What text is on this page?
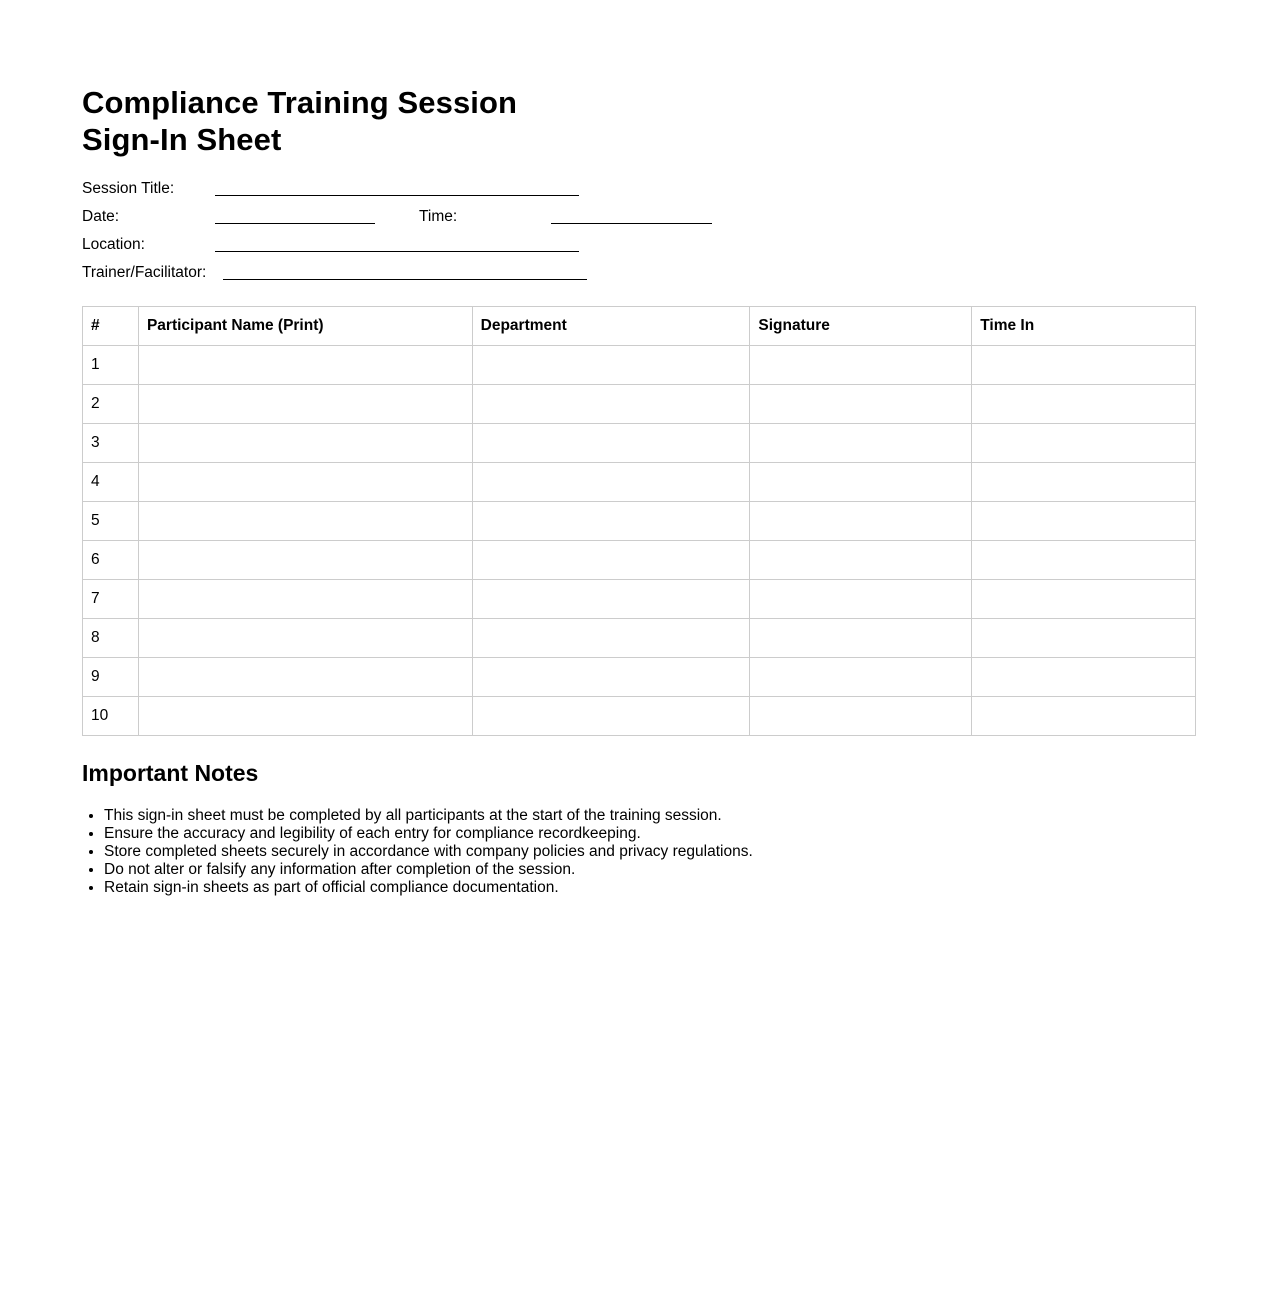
Compliance Training Session
Sign-In Sheet
Session Title:
Date:	Time:
Location:
Trainer/Facilitator:
#	Participant Name (Print)	Department	Signature	Time In
1				
2				
3				
4				
5				
6				
7				
8				
9				
10				
Important Notes
• This sign-in sheet must be completed by all participants at the start of the training session.
• Ensure the accuracy and legibility of each entry for compliance recordkeeping.
• Store completed sheets securely in accordance with company policies and privacy regulations.
• Do not alter or falsify any information after completion of the session.
• Retain sign-in sheets as part of official compliance documentation.
